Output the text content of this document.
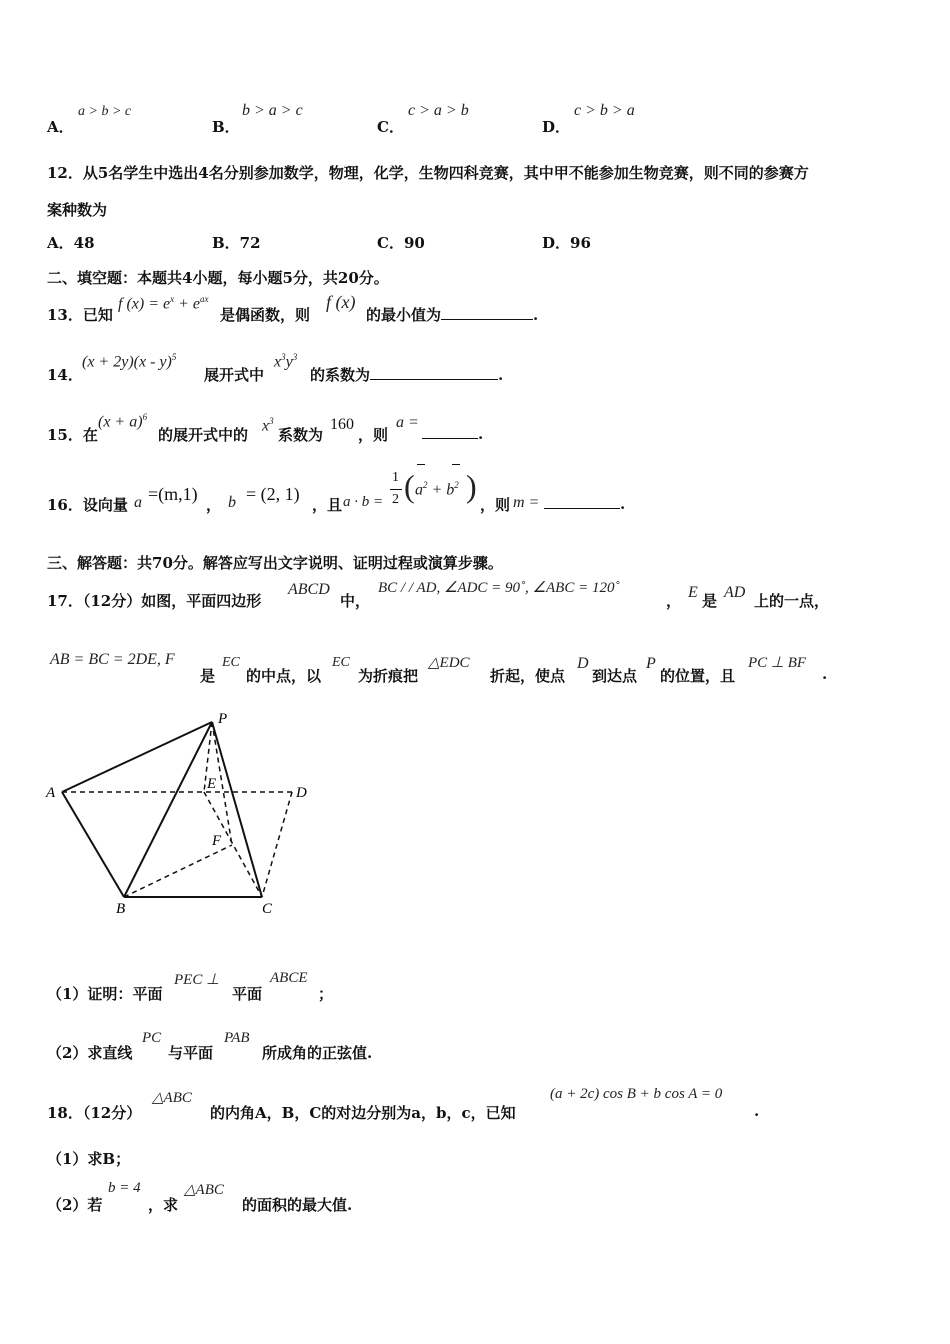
A．
a > b > c
B．
b > a > c
C．
c > a > b
D．
c > b > a
12．从5名学生中选出4名分别参加数学，物理，化学，生物四科竞赛，其中甲不能参加生物竞赛，则不同的参赛方
案种数为
A．48	B．72	C．90	D．96
二、填空题：本题共4小题，每小题5分，共20分。
13．已知
f $(x) = e^x + e^{ax}$
是偶函数，则
f (x)
的最小值为	.
14．
(x + 2y)(x - y)$^5$
展开式中
$x^3y^3$
的系数为	.
15．在
$(x + a)^6$
的展开式中的
$x^3$
系数为
160
，则
a =
.
16．设向量 a =(m,1)
， b = (2, 1)
，且 a · b =
1
2 ( $a^2 + b^2$ )
，则 m =	.
三、解答题：共70分。解答应写出文字说明、证明过程或演算步骤。
17．（12分）如图，平面四边形
ABCD
中，
BC / / AD, ∠ADC = 90˚, ∠ABC = 120˚
， E 是 AD 上的一点，
AB = BC = 2DE, F
是
EC
的中点，以
EC
为折痕把
△EDC
折起，使点
D
到达点
P
的位置，且
PC ⊥ BF
.
P
A
E
D
F
B	C
（1）证明：平面
PEC ⊥
平面
ABCE
；
（2）求直线
PC
与平面
PAB
所成角的正弦值.
18．（12分）
△ABC
的内角A，B，C的对边分别为a，b，c，已知
(a + 2c) cos B + b cos A = 0
.
（1）求B；
（2）若
b = 4
，求
△ABC
的面积的最大值.
